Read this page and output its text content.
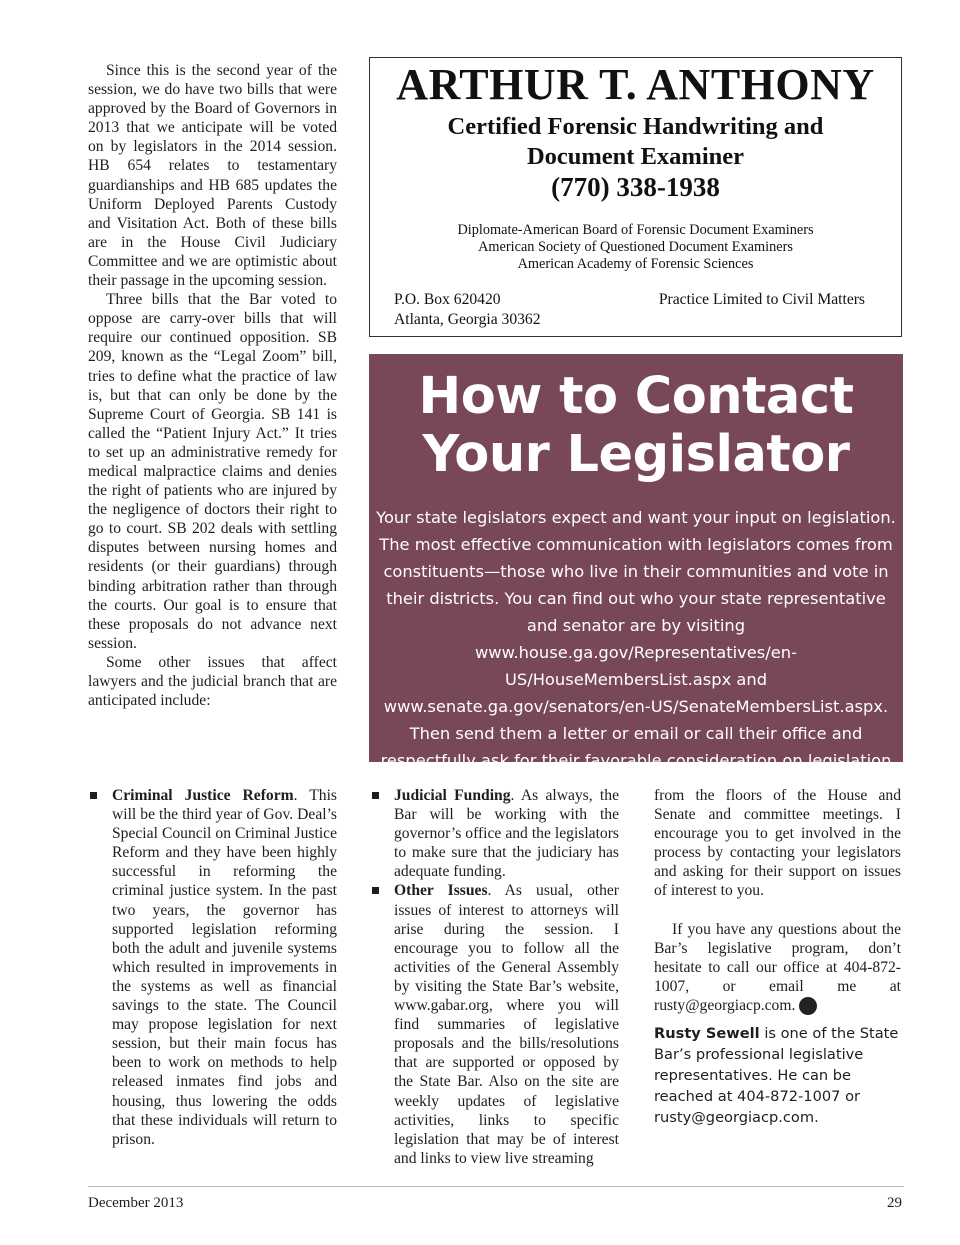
Since this is the second year of the session, we do have two bills that were approved by the Board of Governors in 2013 that we anticipate will be voted on by legislators in the 2014 session. HB 654 relates to testamentary guardianships and HB 685 updates the Uniform Deployed Parents Custody and Visitation Act. Both of these bills are in the House Civil Judiciary Committee and we are optimistic about their passage in the upcoming session.

Three bills that the Bar voted to oppose are carry-over bills that will require our continued opposition. SB 209, known as the “Legal Zoom” bill, tries to define what the practice of law is, but that can only be done by the Supreme Court of Georgia. SB 141 is called the “Patient Injury Act.” It tries to set up an administrative remedy for medical malpractice claims and denies the right of patients who are injured by the negligence of doctors their right to go to court. SB 202 deals with settling disputes between nursing homes and residents (or their guardians) through binding arbitration rather than through the courts. Our goal is to ensure that these proposals do not advance next session.

Some other issues that affect lawyers and the judicial branch that are anticipated include:

ARTHUR T. ANTHONY
Certified Forensic Handwriting and
Document Examiner
(770) 338-1938
Diplomate-American Board of Forensic Document Examiners
American Society of Questioned Document Examiners
American Academy of Forensic Sciences
P.O. Box 620420
Atlanta, Georgia 30362
Practice Limited to Civil Matters
How to Contact
Your Legislator
Your state legislators expect and want your input on legislation. The most effective communication with legislators comes from constituents—those who live in their communities and vote in their districts. You can find out who your state representative and senator are by visiting www.house.ga.gov/Representatives/en-US/HouseMembersList.aspx and www.senate.ga.gov/senators/en-US/SenateMembersList.aspx. Then send them a letter or email or call their office and respectfully ask for their favorable consideration on legislation important to you.
Criminal Justice Reform. This will be the third year of Gov. Deal’s Special Council on Criminal Justice Reform and they have been highly successful in reforming the criminal justice system. In the past two years, the governor has supported legislation reforming both the adult and juvenile systems which resulted in improvements in the systems as well as financial savings to the state. The Council may propose legislation for next session, but their main focus has been to work on methods to help released inmates find jobs and housing, thus lowering the odds that these individuals will return to prison.
Judicial Funding. As always, the Bar will be working with the governor’s office and the legislators to make sure that the judiciary has adequate funding.
Other Issues. As usual, other issues of interest to attorneys will arise during the session. I encourage you to follow all the activities of the General Assembly by visiting the State Bar’s website, www.gabar.org, where you will find summaries of legislative proposals and the bills/resolutions that are supported or opposed by the State Bar. Also on the site are weekly updates of legislative activities, links to specific legislation that may be of interest and links to view live streaming

from the floors of the House and Senate and committee meetings. I encourage you to get involved in the process by contacting your legislators and asking for their support on issues of interest to you.

If you have any questions about the Bar’s legislative program, don’t hesitate to call our office at 404-872-1007, or email me at rusty@georgiacp.com.	GB

Rusty Sewell is one of the State Bar’s professional legislative representatives. He can be reached at 404-872-1007 or rusty@georgiacp.com.
December 2013	29
